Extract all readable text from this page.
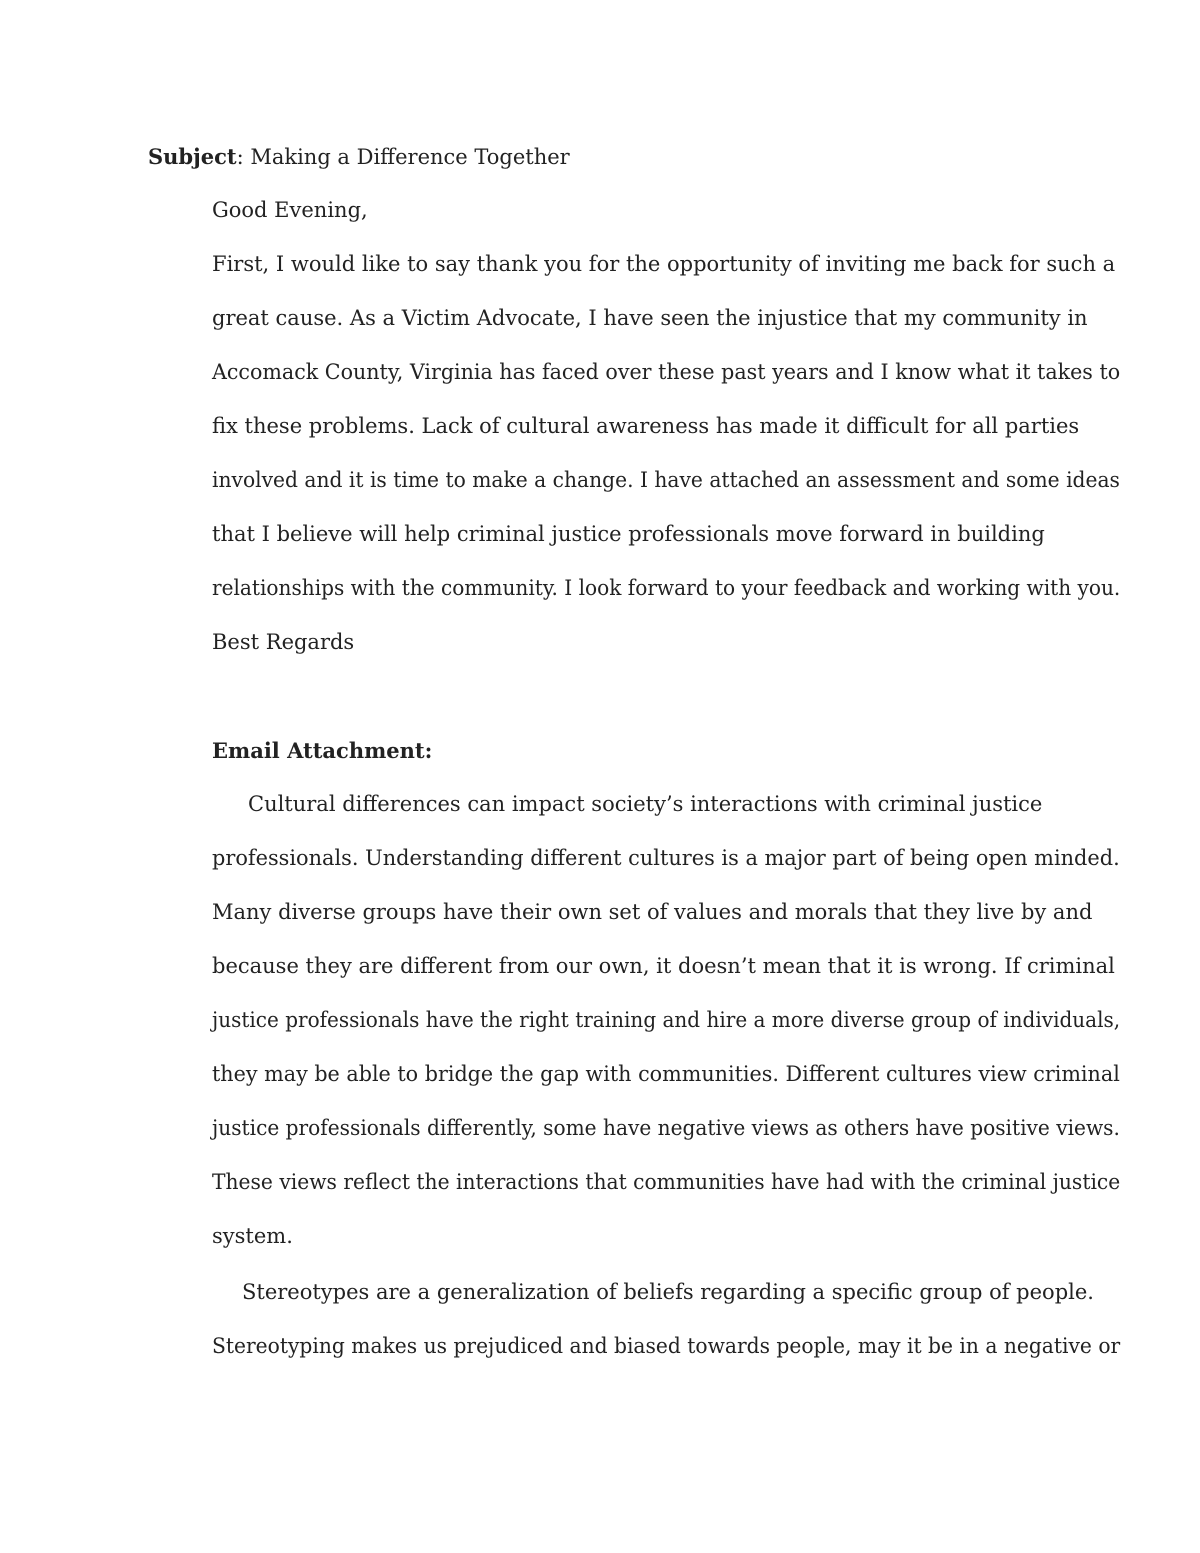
Subject: Making a Difference Together
Good Evening,
First, I would like to say thank you for the opportunity of inviting me back for such a
great cause. As a Victim Advocate, I have seen the injustice that my community in
Accomack County, Virginia has faced over these past years and I know what it takes to
fix these problems. Lack of cultural awareness has made it difficult for all parties
involved and it is time to make a change. I have attached an assessment and some ideas
that I believe will help criminal justice professionals move forward in building
relationships with the community. I look forward to your feedback and working with you.
Best Regards
Email Attachment:
Cultural differences can impact society’s interactions with criminal justice
professionals. Understanding different cultures is a major part of being open minded.
Many diverse groups have their own set of values and morals that they live by and
because they are different from our own, it doesn’t mean that it is wrong. If criminal
justice professionals have the right training and hire a more diverse group of individuals,
they may be able to bridge the gap with communities. Different cultures view criminal
justice professionals differently, some have negative views as others have positive views.
These views reflect the interactions that communities have had with the criminal justice
system.
Stereotypes are a generalization of beliefs regarding a specific group of people.
Stereotyping makes us prejudiced and biased towards people, may it be in a negative or
